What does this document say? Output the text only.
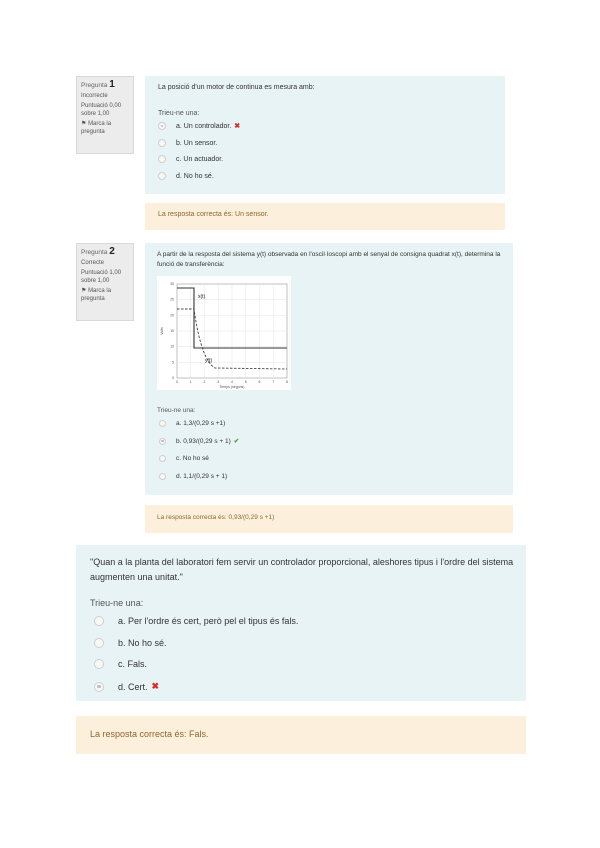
Pregunta 1
Incorrecte
Puntuació 0,00 sobre 1,00
⚑ Marca la pregunta
La posició d'un motor de continua es mesura amb:
Trieu-ne una:
a.
Un controlador. ✖
b.
Un sensor.
c.
Un actuador.
d.
No ho sé.
La resposta correcta és: Un sensor.
Pregunta 2
Correcte
Puntuació 1,00 sobre 1,00
⚑ Marca la pregunta
A partir de la resposta del sistema y(t) observada en l'oscil·loscopi amb el senyal de consigna quadrat x(t), determina la funció de transferència:
x(t)
y(t)
0	1	2	3	4	5	6	7	8
0
5
10
15
20
25
30
Temps (segons)
Volts
Trieu-ne una:
a.
1,3/(0,29 s +1)
b.
0,93/(0,29 s + 1) ✔
c.
No ho sé
d.
1,1/(0,29 s + 1)
La resposta correcta és: 0,93/(0,29 s +1)
"Quan a la planta del laboratori fem servir un controlador proporcional, aleshores tipus i l'ordre del sistema augmenten una unitat."
Trieu-ne una:
a.
Per l'ordre és cert, però pel el tipus és fals.
b.
No ho sé.
c.
Fals.
d.
Cert. ✖
La resposta correcta és: Fals.
